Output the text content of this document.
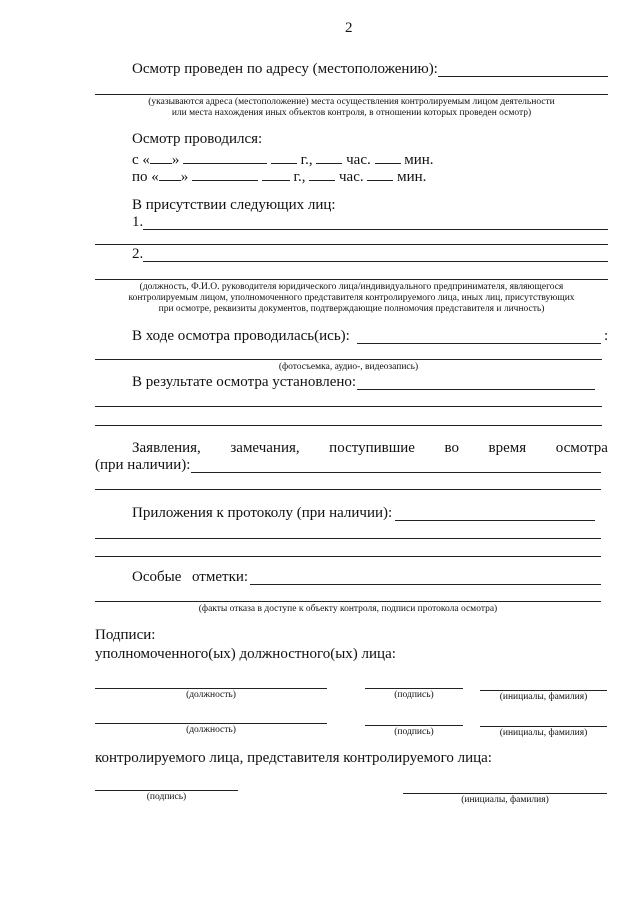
2
Осмотр проведен по адресу (местоположению):
(указываются адреса (местоположение) места осуществления контролируемым лицом деятельности
или места нахождения иных объектов контроля, в отношении которых проведен осмотр)
Осмотр проводился:
с « »	г., час. мин.
по « »	г., час. мин.
В присутствии следующих лиц:
1.
2.
(должность, Ф.И.О. руководителя юридического лица/индивидуального предпринимателя, являющегося
контролируемым лицом, уполномоченного представителя контролируемого лица, иных лиц, присутствующих
при осмотре, реквизиты документов, подтверждающие полномочия представителя и личность)
В ходе осмотра проводилась(ись):	:
(фотосъемка, аудио-, видеозапись)
В результате осмотра установлено:
Заявления, замечания, поступившие во время осмотра
(при наличии):
Приложения к протоколу (при наличии):
Особые отметки:
(факты отказа в доступе к объекту контроля, подписи протокола осмотра)
Подписи:
уполномоченного(ых) должностного(ых) лица:
(должность)	(подпись)	(инициалы, фамилия)
(должность)	(подпись)	(инициалы, фамилия)
контролируемого лица, представителя контролируемого лица:
(подпись)	(инициалы, фамилия)
